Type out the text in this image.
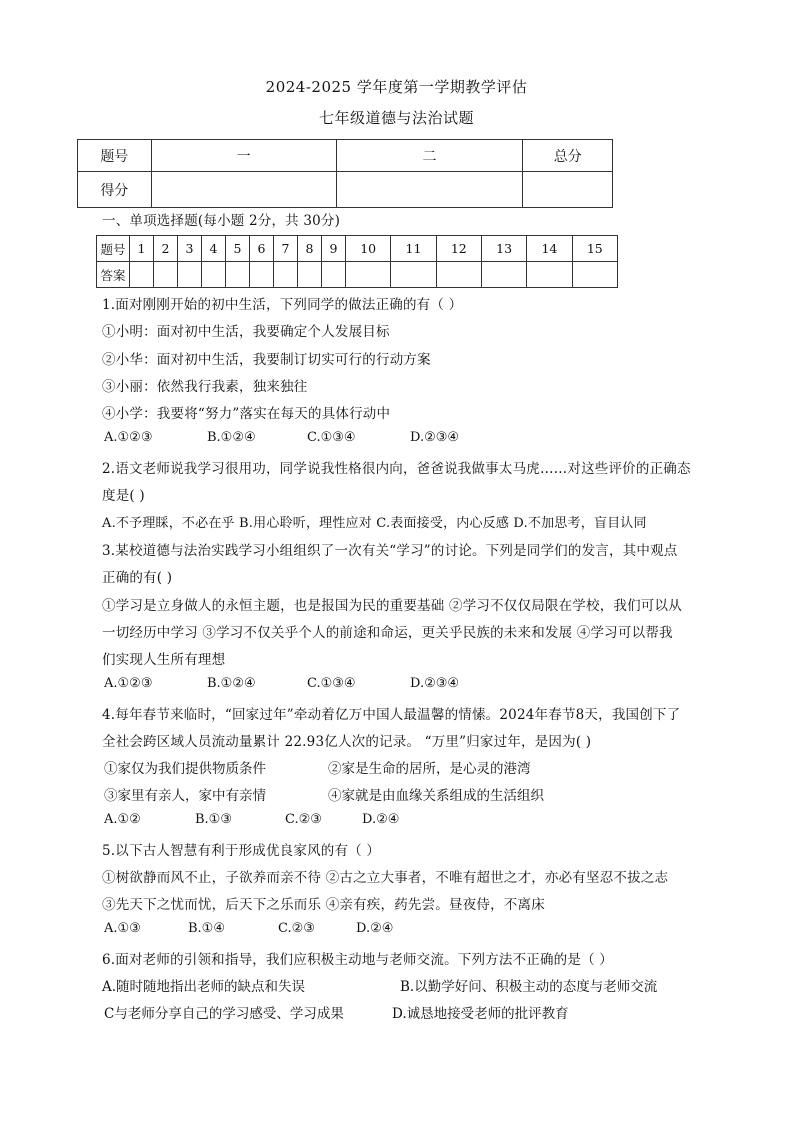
2024-2025 学年度第一学期教学评估
七年级道德与法治试题
题号	一	二	总分
得分			
一、单项选择题(每小题 2分，共 30分)
题号	1	2	3	4	5	6	7	8	9	10	11	12	13	14	15
答案															
1.面对刚刚开始的初中生活，下列同学的做法正确的有（ ）
①小明：面对初中生活，我要确定个人发展目标
②小华：面对初中生活，我要制订切实可行的行动方案
③小丽：依然我行我素，独来独往
④小学：我要将“努力”落实在每天的具体行动中
A.①②③	B.①②④	C.①③④	D.②③④
2.语文老师说我学习很用功，同学说我性格很内向，爸爸说我做事太马虎……对这些评价的正确态
度是( )
A.不予理睬，不必在乎 B.用心聆听，理性应对 C.表面接受，内心反感 D.不加思考，盲目认同
3.某校道德与法治实践学习小组组织了一次有关“学习”的讨论。下列是同学们的发言，其中观点
正确的有( )
①学习是立身做人的永恒主题，也是报国为民的重要基础 ②学习不仅仅局限在学校，我们可以从
一切经历中学习 ③学习不仅关乎个人的前途和命运，更关乎民族的未来和发展 ④学习可以帮我
们实现人生所有理想
A.①②③	B.①②④	C.①③④	D.②③④
4.每年春节来临时，“回家过年”牵动着亿万中国人最温馨的情愫。2024年春节8天，我国创下了
全社会跨区域人员流动量累计 22.93亿人次的记录。 “万里”归家过年，是因为( )
①家仅为我们提供物质条件	②家是生命的居所，是心灵的港湾
③家里有亲人，家中有亲情	④家就是由血缘关系组成的生活组织
A.①②	B.①③	C.②③	D.②④
5.以下古人智慧有利于形成优良家风的有（ ）
①树欲静而风不止，子欲养而亲不待 ②古之立大事者，不唯有超世之才，亦必有坚忍不拔之志
③先天下之忧而忧，后天下之乐而乐 ④亲有疾，药先尝。昼夜侍，不离床
A.①③	B.①④	C.②③	D.②④
6.面对老师的引领和指导，我们应积极主动地与老师交流。下列方法不正确的是（ ）
A.随时随地指出老师的缺点和失误	B.以勤学好问、积极主动的态度与老师交流
C与老师分享自己的学习感受、学习成果	D.诚恳地接受老师的批评教育
